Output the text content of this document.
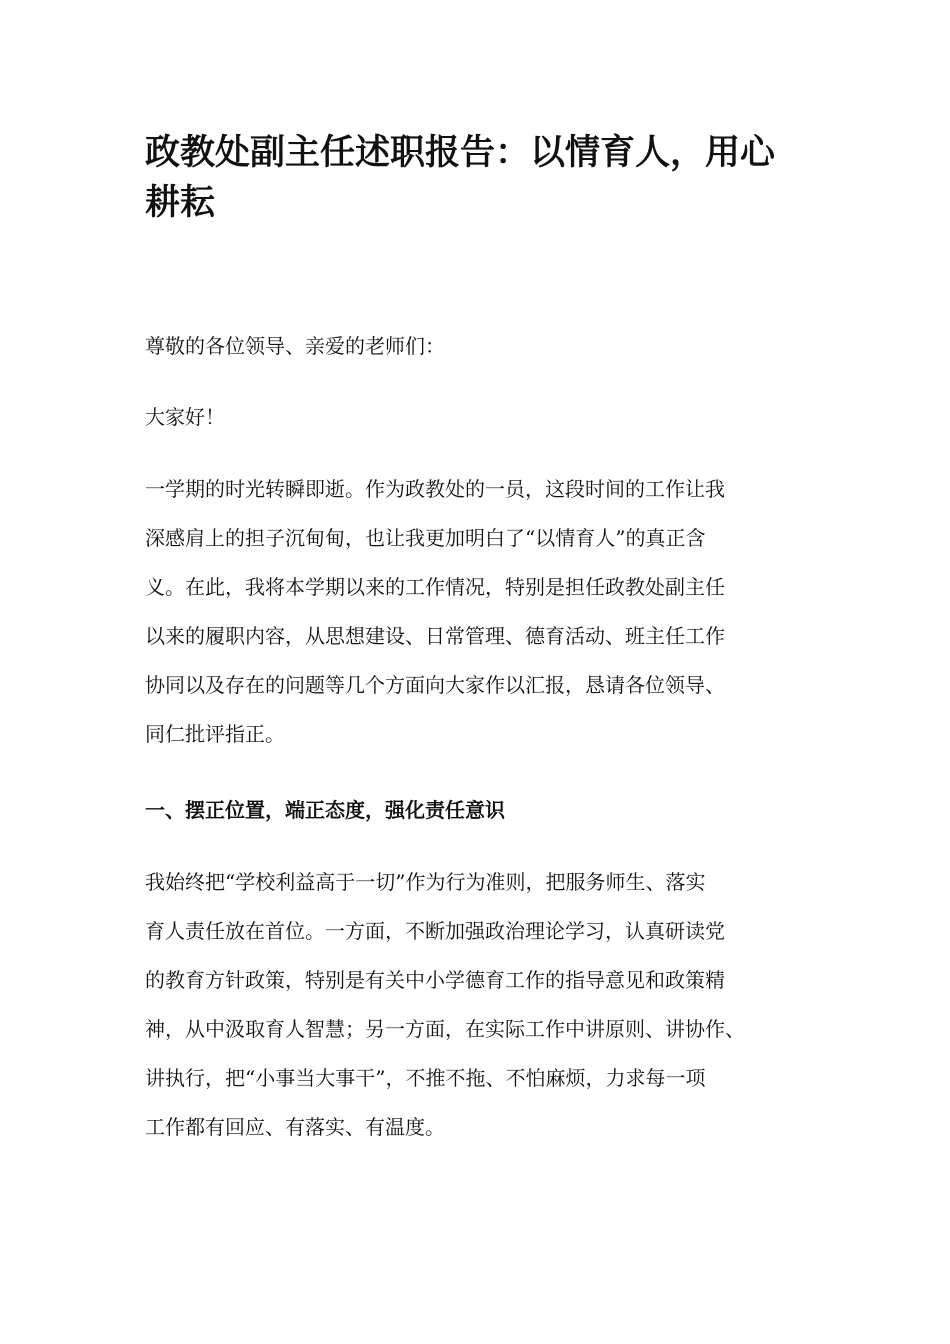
政教处副主任述职报告：以情育人，用心
耕耘

尊敬的各位领导、亲爱的老师们：

大家好！

一学期的时光转瞬即逝。作为政教处的一员，这段时间的工作让我
深感肩上的担子沉甸甸，也让我更加明白了“以情育人”的真正含
义。在此，我将本学期以来的工作情况，特别是担任政教处副主任
以来的履职内容，从思想建设、日常管理、德育活动、班主任工作
协同以及存在的问题等几个方面向大家作以汇报，恳请各位领导、
同仁批评指正。

一、摆正位置，端正态度，强化责任意识

我始终把“学校利益高于一切”作为行为准则，把服务师生、落实
育人责任放在首位。一方面，不断加强政治理论学习，认真研读党
的教育方针政策，特别是有关中小学德育工作的指导意见和政策精
神，从中汲取育人智慧；另一方面，在实际工作中讲原则、讲协作、
讲执行，把“小事当大事干”，不推不拖、不怕麻烦，力求每一项
工作都有回应、有落实、有温度。
